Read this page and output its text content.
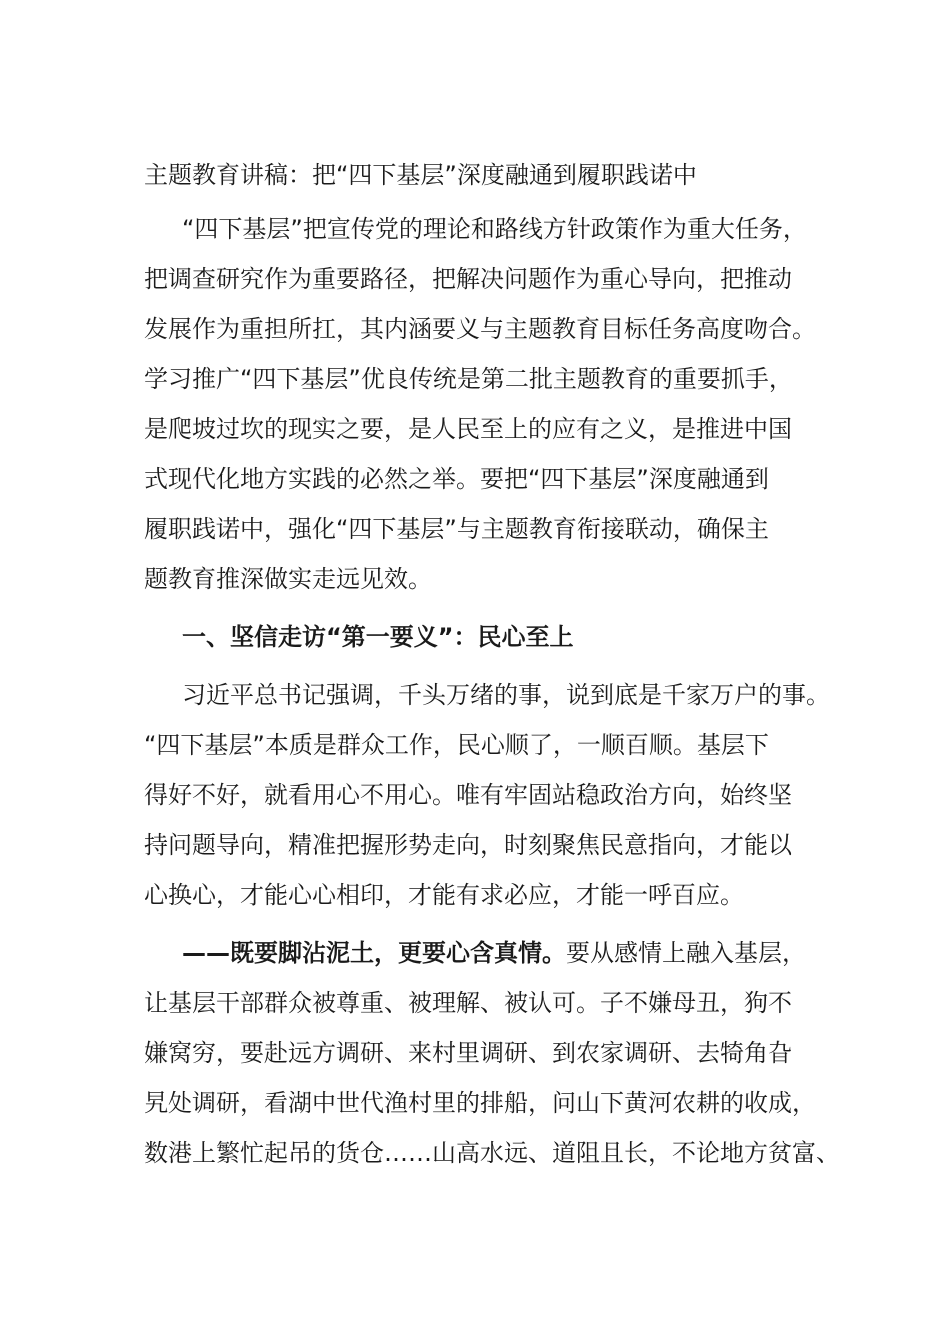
主题教育讲稿：把“四下基层”深度融通到履职践诺中
“四下基层”把宣传党的理论和路线方针政策作为重大任务，
把调查研究作为重要路径，把解决问题作为重心导向，把推动
发展作为重担所扛，其内涵要义与主题教育目标任务高度吻合。
学习推广“四下基层”优良传统是第二批主题教育的重要抓手，
是爬坡过坎的现实之要，是人民至上的应有之义，是推进中国
式现代化地方实践的必然之举。要把“四下基层”深度融通到
履职践诺中，强化“四下基层”与主题教育衔接联动，确保主
题教育推深做实走远见效。
一、坚信走访“第一要义”：民心至上
习近平总书记强调，千头万绪的事，说到底是千家万户的事。
“四下基层”本质是群众工作，民心顺了，一顺百顺。基层下
得好不好，就看用心不用心。唯有牢固站稳政治方向，始终坚
持问题导向，精准把握形势走向，时刻聚焦民意指向，才能以
心换心，才能心心相印，才能有求必应，才能一呼百应。
——既要脚沾泥土，更要心含真情。要从感情上融入基层，
让基层干部群众被尊重、被理解、被认可。子不嫌母丑，狗不
嫌窝穷，要赴远方调研、来村里调研、到农家调研、去犄角旮
旯处调研，看湖中世代渔村里的排船，问山下黄河农耕的收成，
数港上繁忙起吊的货仓……山高水远、道阻且长，不论地方贫富、
